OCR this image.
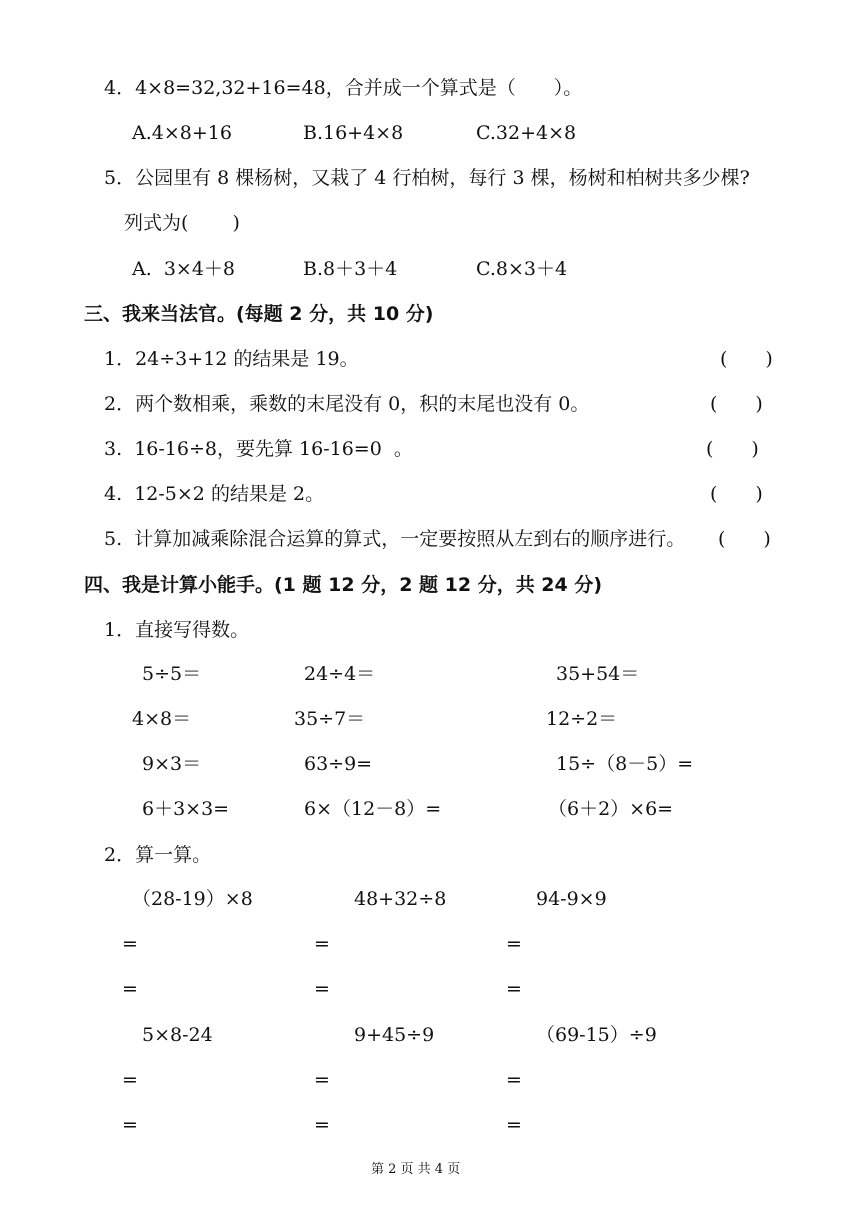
4．4×8=32,32+16=48，合并成一个算式是（　　）。
A.4×8+16	B.16+4×8	C.32+4×8
5．公园里有 8 棵杨树，又栽了 4 行柏树，每行 3 棵，杨树和柏树共多少棵?
列式为(　　 )
A.  3×4＋8	B.8＋3＋4	C.8×3＋4
三、我来当法官。(每题 2 分，共 10 分)
1．24÷3+12 的结果是 19。	(　　)
2．两个数相乘，乘数的末尾没有 0，积的末尾也没有 0。	(　　)
3.  16-16÷8，要先算 16-16=0  。	(　　)
4.  12-5×2 的结果是 2。	(　　)
5.  计算加减乘除混合运算的算式，一定要按照从左到右的顺序进行。 (　　)
四、我是计算小能手。(1 题 12 分，2 题 12 分，共 24 分)
1．直接写得数。
5÷5＝	24÷4＝	35+54＝
4×8＝	35÷7＝	12÷2＝
9×3＝	63÷9=	15÷（8－5）=
6＋3×3=	6×（12－8）=	（6＋2）×6=
2．算一算。
（28-19）×8	48+32÷8	94-9×9
=	=	=
=	=	=
5×8-24	9+45÷9	（69-15）÷9
=	=	=
=	=	=
第 2 页 共 4 页
